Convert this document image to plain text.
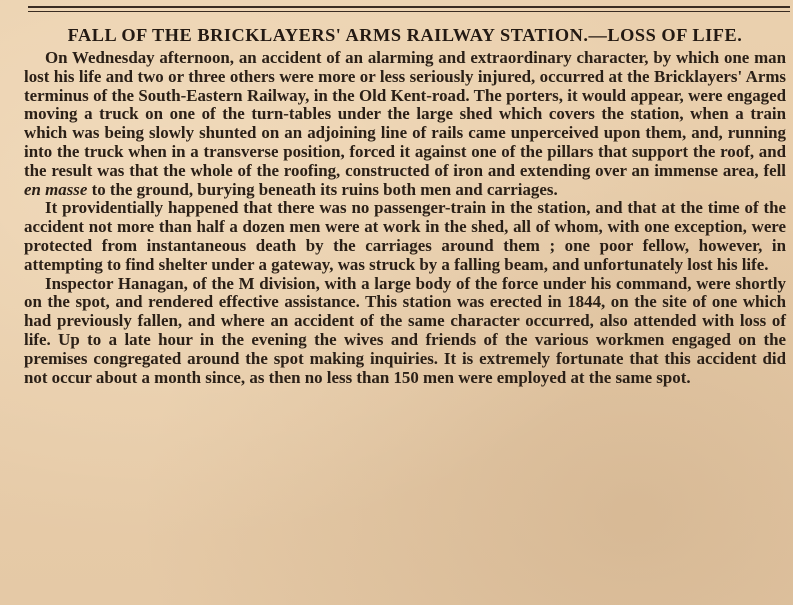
FALL OF THE BRICKLAYERS' ARMS RAILWAY STATION.—LOSS OF LIFE.

On Wednesday afternoon, an accident of an alarming and extraordinary character, by which one man lost his life and two or three others were more or less seriously injured, occurred at the Bricklayers' Arms terminus of the South-Eastern Railway, in the Old Kent-road. The porters, it would appear, were engaged moving a truck on one of the turn-tables under the large shed which covers the station, when a train which was being slowly shunted on an adjoining line of rails came unperceived upon them, and, running into the truck when in a transverse position, forced it against one of the pillars that support the roof, and the result was that the whole of the roofing, constructed of iron and extending over an immense area, fell en masse to the ground, burying beneath its ruins both men and carriages.

It providentially happened that there was no passenger-train in the station, and that at the time of the accident not more than half a dozen men were at work in the shed, all of whom, with one exception, were protected from instantaneous death by the carriages around them ; one poor fellow, however, in attempting to find shelter under a gateway, was struck by a falling beam, and unfortunately lost his life.

Inspector Hanagan, of the M division, with a large body of the force under his command, were shortly on the spot, and rendered effective assistance. This station was erected in 1844, on the site of one which had previously fallen, and where an accident of the same character occurred, also attended with loss of life. Up to a late hour in the evening the wives and friends of the various workmen engaged on the premises congregated around the spot making inquiries. It is extremely fortunate that this accident did not occur about a month since, as then no less than 150 men were employed at the same spot.
